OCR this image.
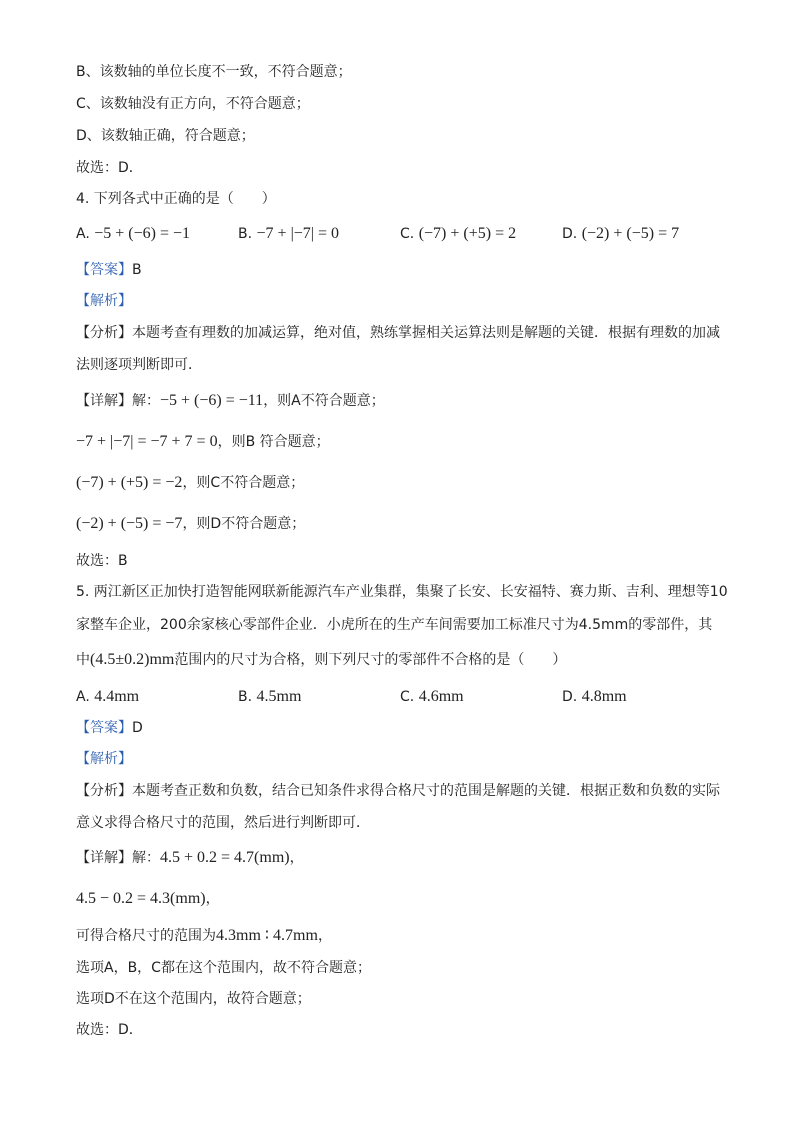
B、该数轴的单位长度不一致，不符合题意；
C、该数轴没有正方向，不符合题意；
D、该数轴正确，符合题意；
故选：D．
4. 下列各式中正确的是（　　）
A. −5 + (−6) = −1	B. −7 + |−7| = 0	C. (−7) + (+5) = 2	D. (−2) + (−5) = 7
【答案】B
【解析】
【分析】本题考查有理数的加减运算，绝对值，熟练掌握相关运算法则是解题的关键．根据有理数的加减
法则逐项判断即可．
【详解】解：−5 + (−6) = −11，则A不符合题意；
−7 + |−7| = −7 + 7 = 0，则B 符合题意；
(−7) + (+5) = −2，则C不符合题意；
(−2) + (−5) = −7，则D不符合题意；
故选：B
5. 两江新区正加快打造智能网联新能源汽车产业集群，集聚了长安、长安福特、赛力斯、吉利、理想等10
家整车企业，200余家核心零部件企业．小虎所在的生产车间需要加工标准尺寸为4.5mm的零部件，其
中(4.5±0.2)mm范围内的尺寸为合格，则下列尺寸的零部件不合格的是（　　）
A. 4.4mm	B. 4.5mm	C. 4.6mm	D. 4.8mm
【答案】D
【解析】
【分析】本题考查正数和负数，结合已知条件求得合格尺寸的范围是解题的关键．根据正数和负数的实际
意义求得合格尺寸的范围，然后进行判断即可．
【详解】解：4.5 + 0.2 = 4.7(mm)，
4.5 − 0.2 = 4.3(mm)，
可得合格尺寸的范围为4.3mm ∶ 4.7mm，
选项A，B，C都在这个范围内，故不符合题意；
选项D不在这个范围内，故符合题意；
故选：D．
